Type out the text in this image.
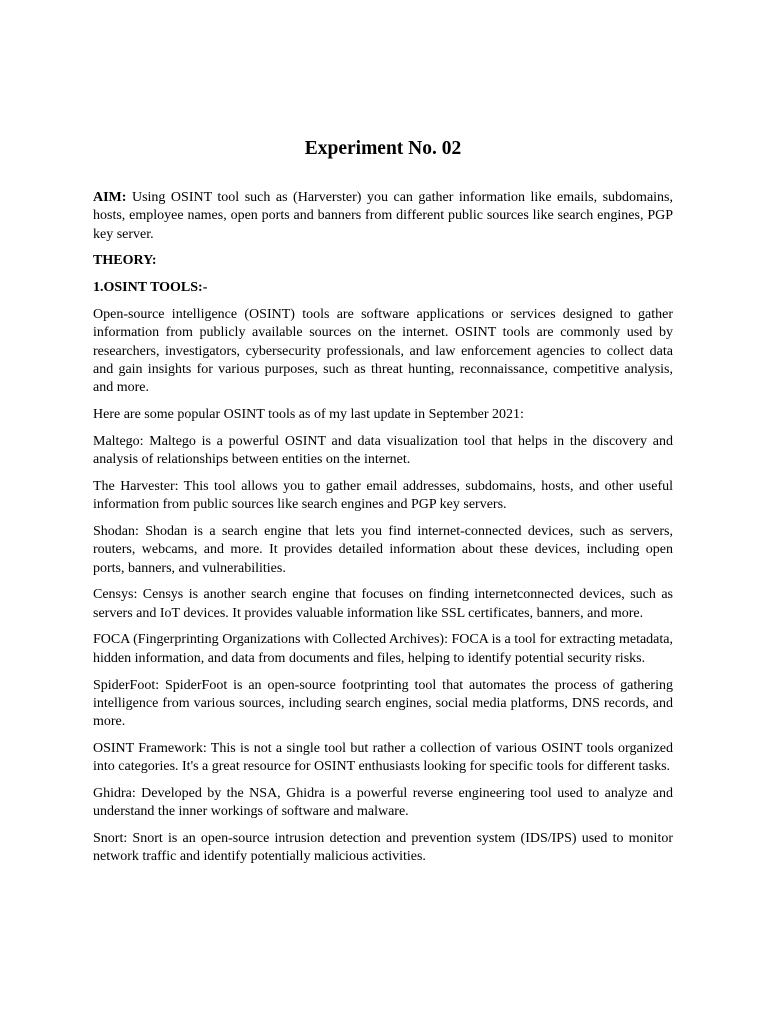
Experiment No. 02

AIM: Using OSINT tool such as (Harverster) you can gather information like emails, subdomains, hosts, employee names, open ports and banners from different public sources like search engines, PGP key server.

THEORY:
1.OSINT TOOLS:-

Open-source intelligence (OSINT) tools are software applications or services designed to gather information from publicly available sources on the internet. OSINT tools are commonly used by researchers, investigators, cybersecurity professionals, and law enforcement agencies to collect data and gain insights for various purposes, such as threat hunting, reconnaissance, competitive analysis, and more.

Here are some popular OSINT tools as of my last update in September 2021:

Maltego: Maltego is a powerful OSINT and data visualization tool that helps in the discovery and analysis of relationships between entities on the internet.

The Harvester: This tool allows you to gather email addresses, subdomains, hosts, and other useful information from public sources like search engines and PGP key servers.

Shodan: Shodan is a search engine that lets you find internet-connected devices, such as servers, routers, webcams, and more. It provides detailed information about these devices, including open ports, banners, and vulnerabilities.

Censys: Censys is another search engine that focuses on finding internetconnected devices, such as servers and IoT devices. It provides valuable information like SSL certificates, banners, and more.

FOCA (Fingerprinting Organizations with Collected Archives): FOCA is a tool for extracting metadata, hidden information, and data from documents and files, helping to identify potential security risks.

SpiderFoot: SpiderFoot is an open-source footprinting tool that automates the process of gathering intelligence from various sources, including search engines, social media platforms, DNS records, and more.

OSINT Framework: This is not a single tool but rather a collection of various OSINT tools organized into categories. It's a great resource for OSINT enthusiasts looking for specific tools for different tasks.

Ghidra: Developed by the NSA, Ghidra is a powerful reverse engineering tool used to analyze and understand the inner workings of software and malware.

Snort: Snort is an open-source intrusion detection and prevention system (IDS/IPS) used to monitor network traffic and identify potentially malicious activities.
